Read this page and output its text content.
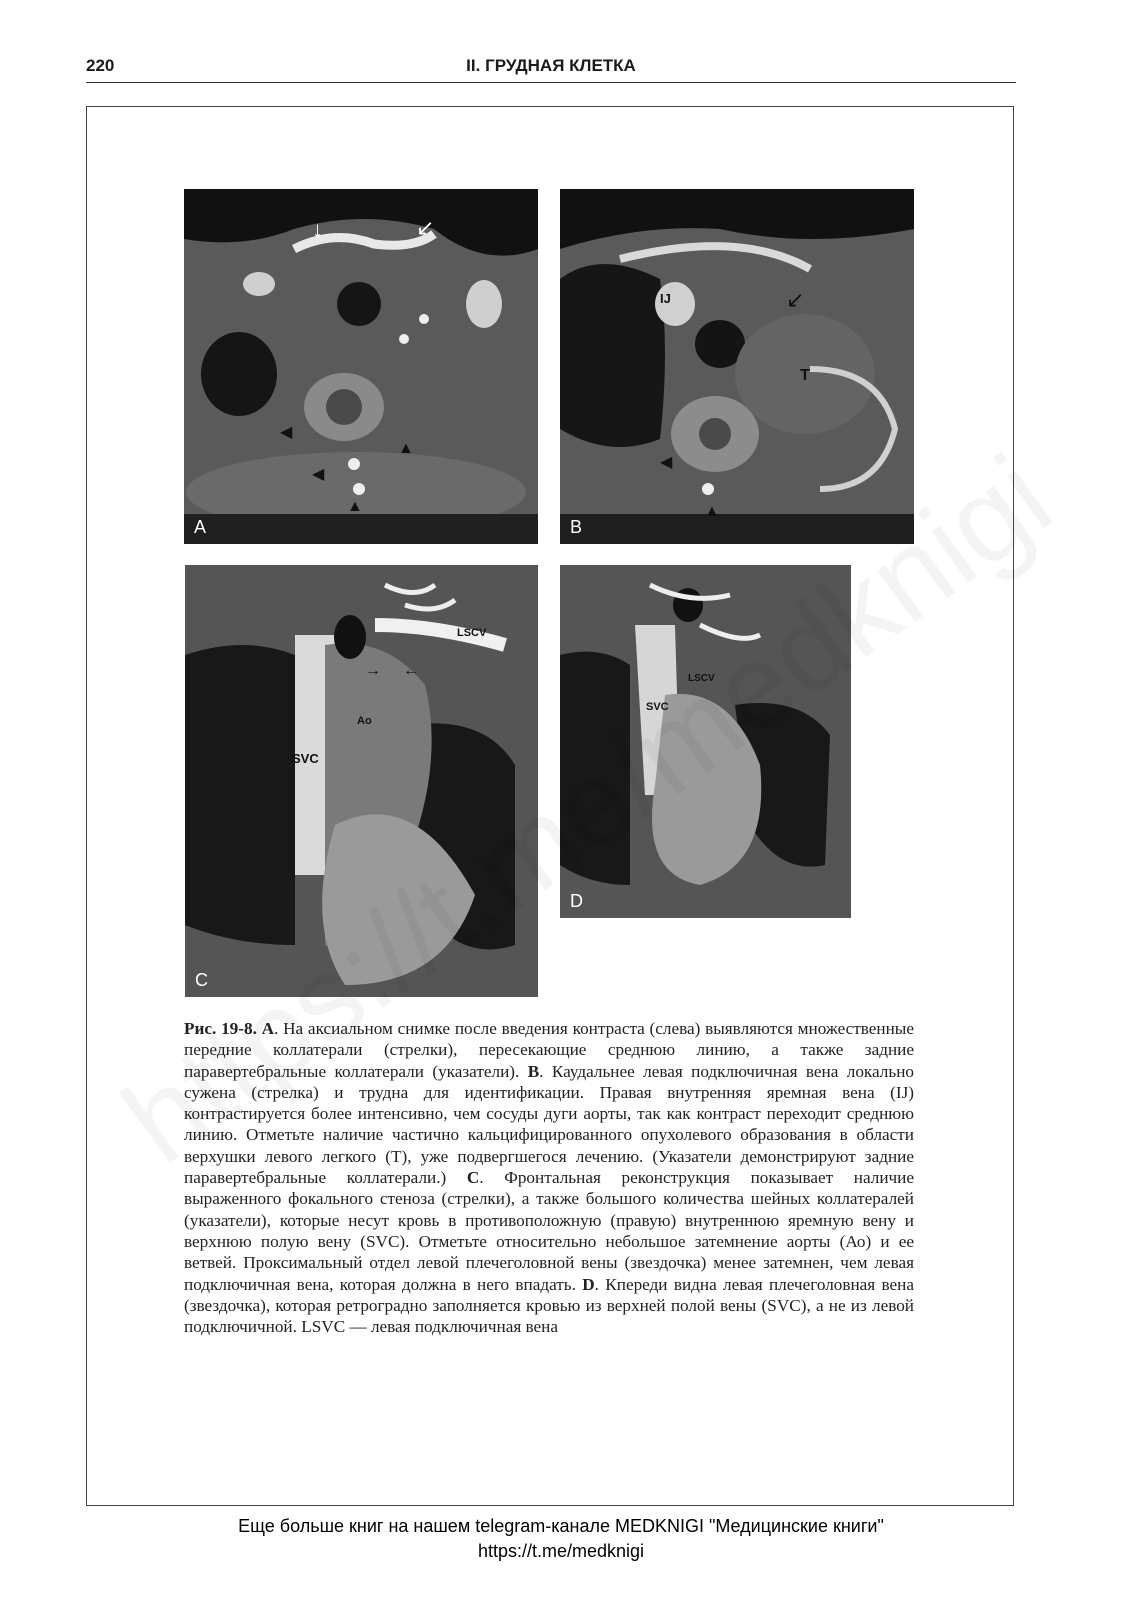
220	II. ГРУДНАЯ КЛЕТКА
↓	↙
◀
▲
◀
▲
A
IJ
T
↙
◀
▲
B
LSCV
Ao
SVC
→ ←
C
LSCV
SVC
D
Рис. 19-8. A. На аксиальном снимке после введения контраста (слева) выявляются множественные передние коллатерали (стрелки), пересекающие среднюю линию, а также задние паравертебральные коллатерали (указатели). B. Каудальнее левая подключичная вена локально сужена (стрелка) и трудна для идентификации. Правая внутренняя яремная вена (IJ) контрастируется более интенсивно, чем сосуды дуги аорты, так как контраст переходит среднюю линию. Отметьте наличие частично кальцифицированного опухолевого образования в области верхушки левого легкого (Т), уже подвергшегося лечению. (Указатели демонстрируют задние паравертебральные коллатерали.) C. Фронтальная реконструкция показывает наличие выраженного фокального стеноза (стрелки), а также большого количества шейных коллатералей (указатели), которые несут кровь в противоположную (правую) внутреннюю яремную вену и верхнюю полую вену (SVC). Отметьте относительно небольшое затемнение аорты (Ао) и ее ветвей. Проксимальный отдел левой плечеголовной вены (звездочка) менее затемнен, чем левая подключичная вена, которая должна в него впадать. D. Кпереди видна левая плечеголовная вена (звездочка), которая ретроградно заполняется кровью из верхней полой вены (SVC), а не из левой подключичной. LSVC — левая подключичная вена
Еще больше книг на нашем telegram-канале MEDKNIGI "Медицинские книги"
https://t.me/medknigi
